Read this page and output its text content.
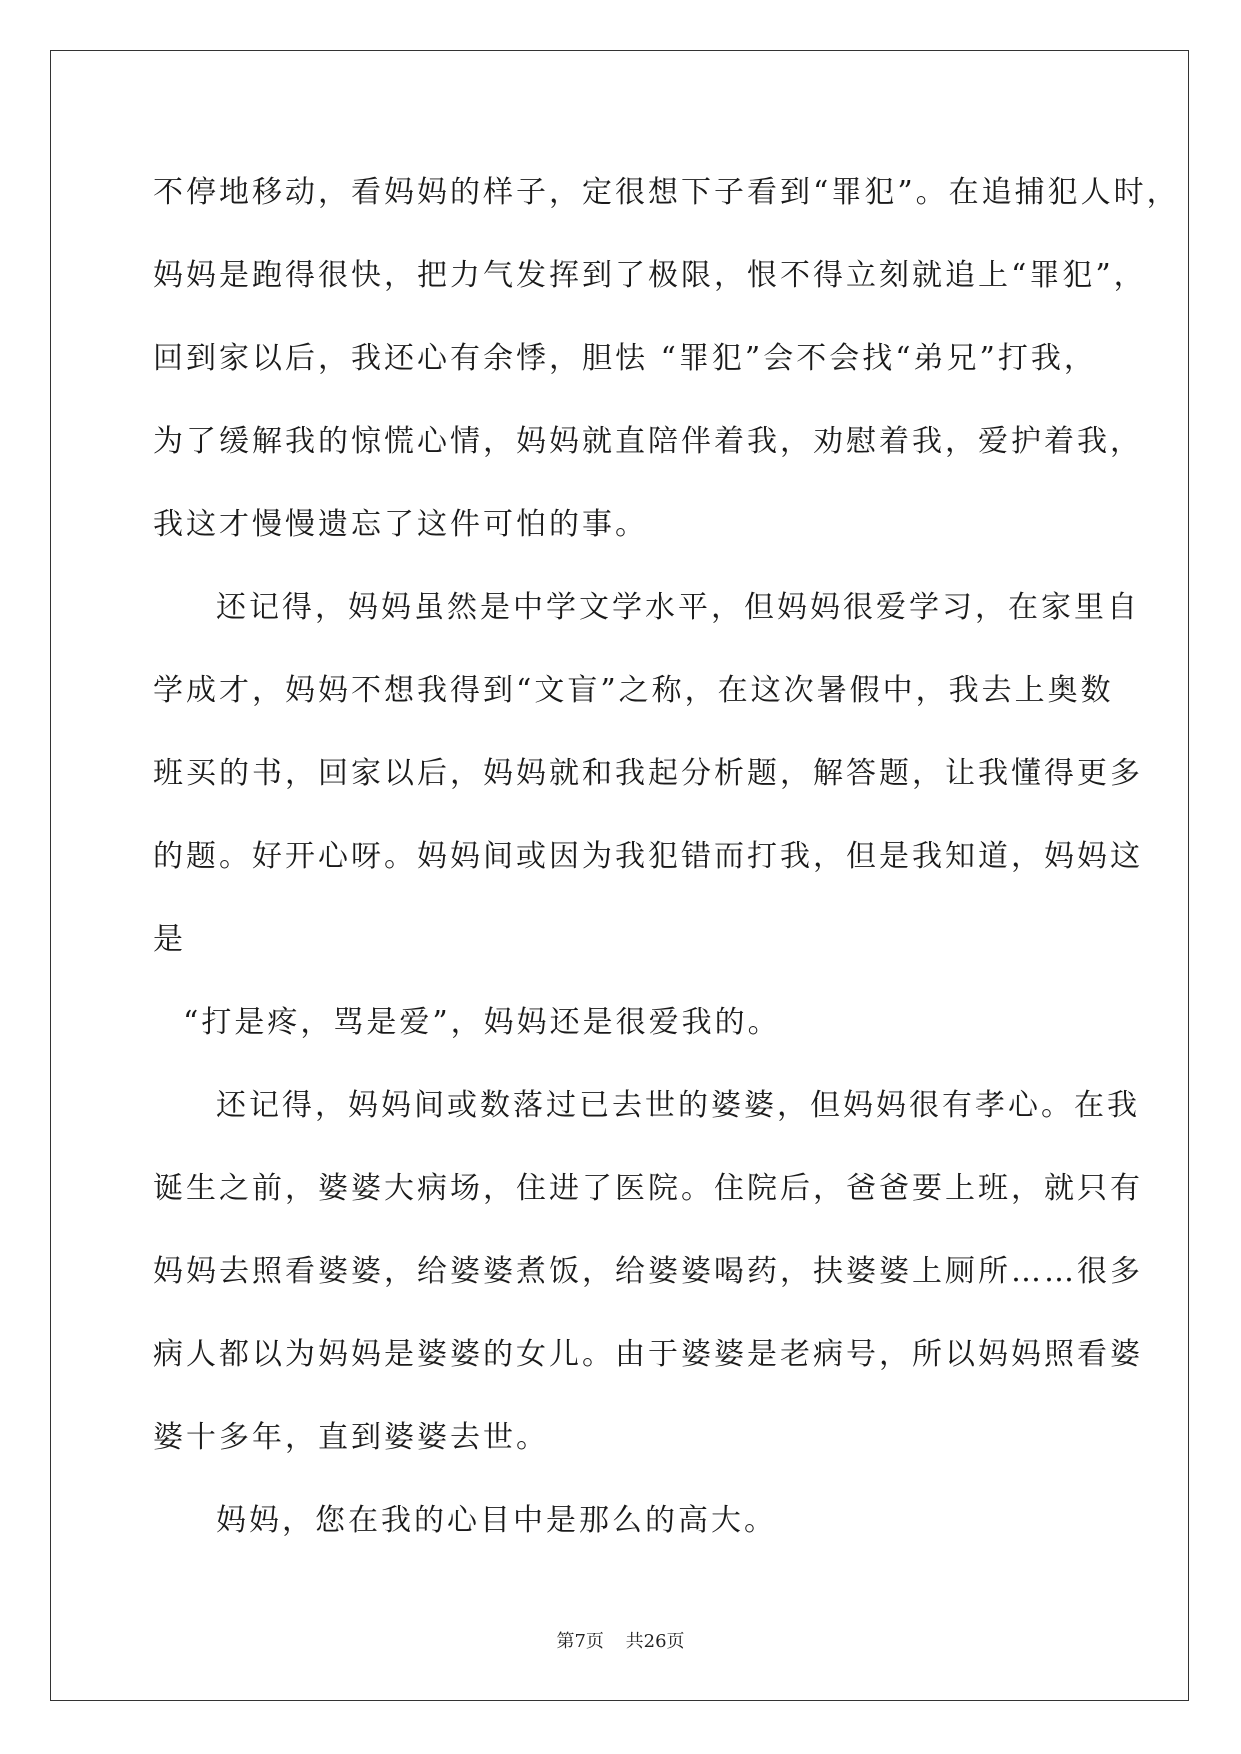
不停地移动，看妈妈的样子，定很想下子看到“罪犯”。在追捕犯人时，
妈妈是跑得很快，把力气发挥到了极限，恨不得立刻就追上“罪犯”，
回到家以后，我还心有余悸，胆怯 “罪犯”会不会找“弟兄”打我，
为了缓解我的惊慌心情，妈妈就直陪伴着我，劝慰着我，爱护着我，
我这才慢慢遗忘了这件可怕的事。
还记得，妈妈虽然是中学文学水平，但妈妈很爱学习，在家里自
学成才，妈妈不想我得到“文盲”之称，在这次暑假中，我去上奥数
班买的书，回家以后，妈妈就和我起分析题，解答题，让我懂得更多
的题。好开心呀。妈妈间或因为我犯错而打我，但是我知道，妈妈这
是
“打是疼，骂是爱”，妈妈还是很爱我的。
还记得，妈妈间或数落过已去世的婆婆，但妈妈很有孝心。在我
诞生之前，婆婆大病场，住进了医院。住院后，爸爸要上班，就只有
妈妈去照看婆婆，给婆婆煮饭，给婆婆喝药，扶婆婆上厕所……很多
病人都以为妈妈是婆婆的女儿。由于婆婆是老病号，所以妈妈照看婆
婆十多年，直到婆婆去世。
妈妈，您在我的心目中是那么的高大。
第7页 共26页
